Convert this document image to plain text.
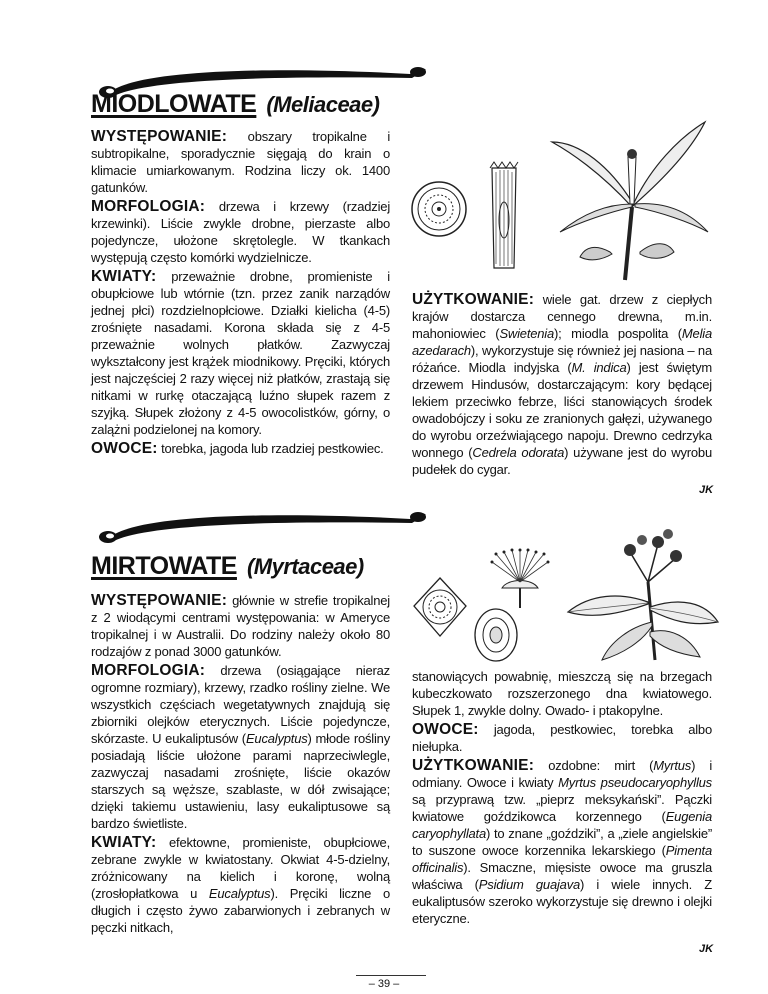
MIODLOWATE (Meliaceae)

WYSTĘPOWANIE: obszary tropikalne i subtropikalne, sporadycznie sięgają do krain o klimacie umiarkowanym. Rodzina liczy ok. 1400 gatunków.

MORFOLOGIA: drzewa i krzewy (rzadziej krzewinki). Liście zwykle drobne, pierzaste albo pojedyncze, ułożone skrętolegle. W tkankach występują często komórki wydzielnicze.

KWIATY: przeważnie drobne, promieniste i obupłciowe lub wtórnie (tzn. przez zanik narządów jednej płci) rozdzielnopłciowe. Działki kielicha (4-5) zrośnięte nasadami. Korona składa się z 4-5 przeważnie wolnych płatków. Zazwyczaj wykształcony jest krążek miodnikowy. Pręciki, których jest najczęściej 2 razy więcej niż płatków, zrastają się nitkami w rurkę otaczającą luźno słupek razem z szyjką. Słupek złożony z 4-5 owocolistków, górny, o zalążni podzielonej na komory.

OWOCE: torebka, jagoda lub rzadziej pestkowiec.

UŻYTKOWANIE: wiele gat. drzew z ciepłych krajów dostarcza cennego drewna, m.in. mahoniowiec (Swietenia); miodla pospolita (Melia azedarach), wykorzystuje się również jej nasiona – na różańce. Miodla indyjska (M. indica) jest świętym drzewem Hindusów, dostarczającym: kory będącej lekiem przeciwko febrze, liści stanowiących środek owadobójczy i soku ze zranionych gałęzi, używanego do wyrobu orzeźwiającego napoju. Drewno cedrzyka wonnego (Cedrela odorata) używane jest do wyrobu pudełek do cygar.

JK
MIRTOWATE (Myrtaceae)

WYSTĘPOWANIE: głównie w strefie tropikalnej z 2 wiodącymi centrami występowania: w Ameryce tropikalnej i w Australii. Do rodziny należy około 80 rodzajów z ponad 3000 gatunków.

MORFOLOGIA: drzewa (osiągające nieraz ogromne rozmiary), krzewy, rzadko rośliny zielne. We wszystkich częściach wegetatywnych znajdują się zbiorniki olejków eterycznych. Liście pojedyncze, skórzaste. U eukaliptusów (Eucalyptus) młode rośliny posiadają liście ułożone parami naprzeciwlegle, zazwyczaj nasadami zrośnięte, liście okazów starszych są węższe, szablaste, w dół zwisające; dzięki takiemu ustawieniu, lasy eukaliptusowe są bardzo świetliste.

KWIATY: efektowne, promieniste, obupłciowe, zebrane zwykle w kwiatostany. Okwiat 4-5-dzielny, zróżnicowany na kielich i koronę, wolną (zrosłopłatkowa u Eucalyptus). Pręciki liczne o długich i często żywo zabarwionych i zebranych w pęczki nitkach,

stanowiących powabnię, mieszczą się na brzegach kubeczkowato rozszerzonego dna kwiatowego. Słupek 1, zwykle dolny. Owado- i ptakopylne.

OWOCE: jagoda, pestkowiec, torebka albo niełupka.

UŻYTKOWANIE: ozdobne: mirt (Myrtus) i odmiany. Owoce i kwiaty Myrtus pseudocaryophyllus są przyprawą tzw. „pieprz meksykański”. Pączki kwiatowe goździkowca korzennego (Eugenia caryophyllata) to znane „goździki”, a „ziele angielskie” to suszone owoce korzennika lekarskiego (Pimenta officinalis). Smaczne, mięsiste owoce ma gruszla właściwa (Psidium guajava) i wiele innych. Z eukaliptusów szeroko wykorzystuje się drewno i olejki eteryczne.

JK
– 39 –
